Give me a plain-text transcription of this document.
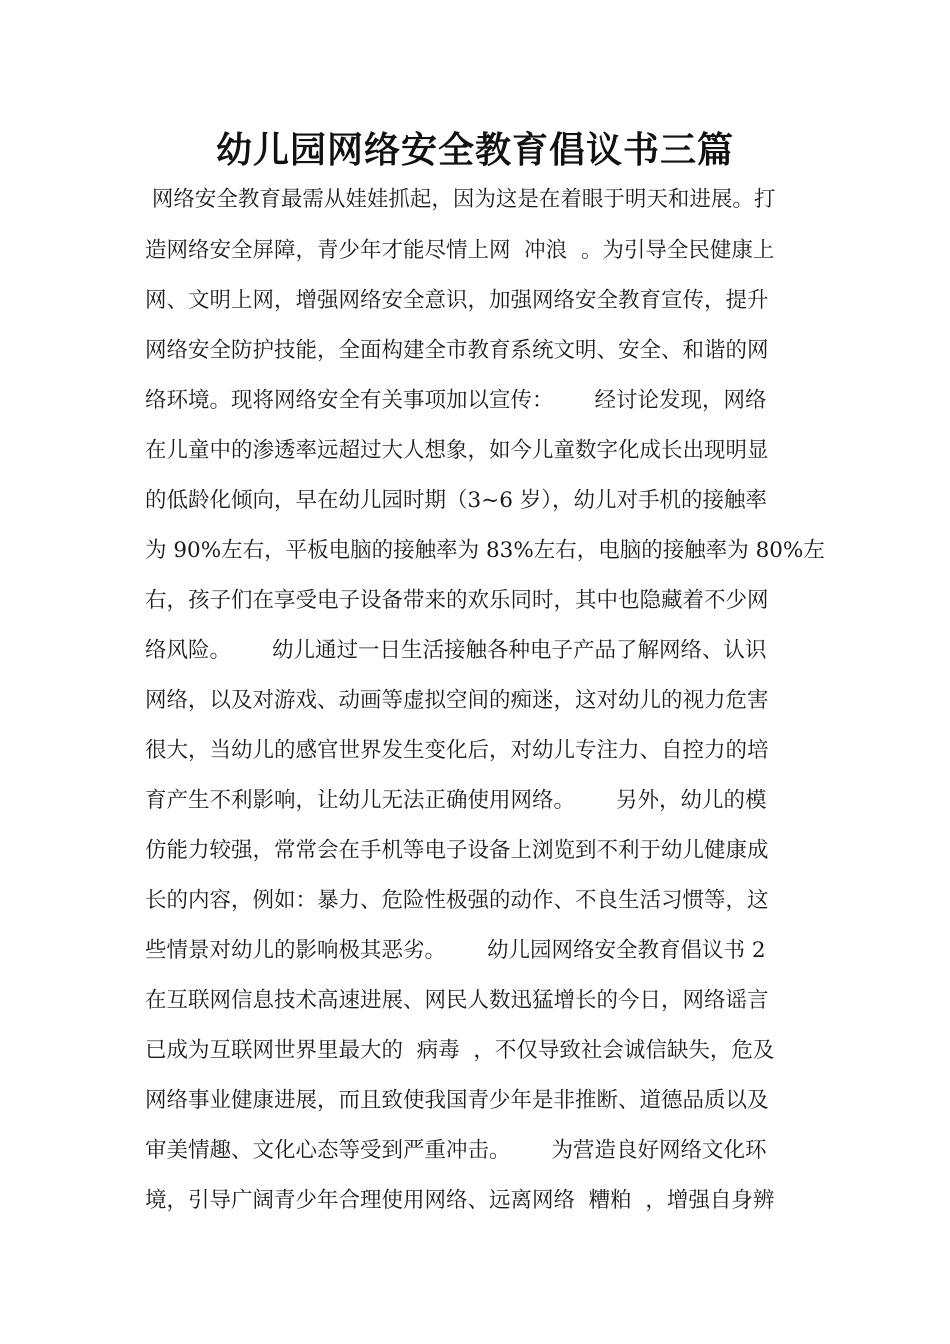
幼儿园网络安全教育倡议书三篇

网络安全教育最需从娃娃抓起，因为这是在着眼于明天和进展。打

造网络安全屏障，青少年才能尽情上网  冲浪  。为引导全民健康上

网、文明上网，增强网络安全意识，加强网络安全教育宣传，提升

网络安全防护技能，全面构建全市教育系统文明、安全、和谐的网

络环境。现将网络安全有关事项加以宣传：      经讨论发现，网络

在儿童中的渗透率远超过大人想象，如今儿童数字化成长出现明显

的低龄化倾向，早在幼儿园时期（3~6 岁），幼儿对手机的接触率

为 90%左右，平板电脑的接触率为 83%左右，电脑的接触率为 80%左

右，孩子们在享受电子设备带来的欢乐同时，其中也隐藏着不少网

络风险。      幼儿通过一日生活接触各种电子产品了解网络、认识

网络，以及对游戏、动画等虚拟空间的痴迷，这对幼儿的视力危害

很大，当幼儿的感官世界发生变化后，对幼儿专注力、自控力的培

育产生不利影响，让幼儿无法正确使用网络。      另外，幼儿的模

仿能力较强，常常会在手机等电子设备上浏览到不利于幼儿健康成

长的内容，例如：暴力、危险性极强的动作、不良生活习惯等，这

些情景对幼儿的影响极其恶劣。      幼儿园网络安全教育倡议书 2

在互联网信息技术高速进展、网民人数迅猛增长的今日，网络谣言

已成为互联网世界里最大的  病毒  ，不仅导致社会诚信缺失，危及

网络事业健康进展，而且致使我国青少年是非推断、道德品质以及

审美情趣、文化心态等受到严重冲击。      为营造良好网络文化环

境，引导广阔青少年合理使用网络、远离网络  糟粕  ，增强自身辨
